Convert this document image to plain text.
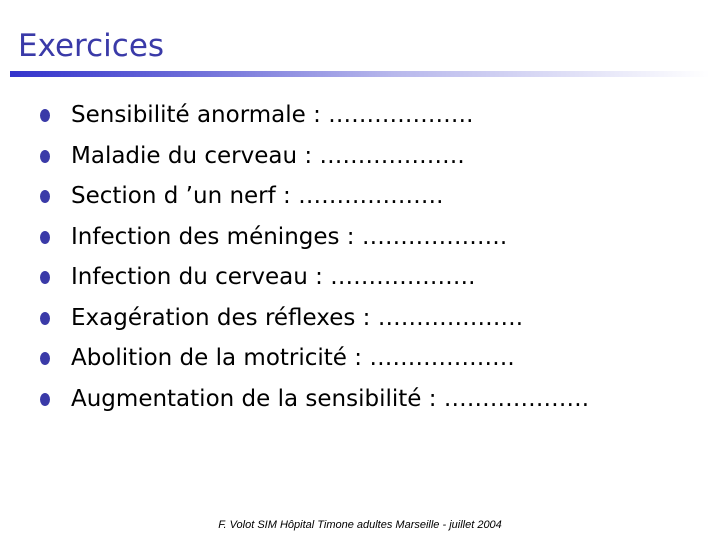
Exercices
Sensibilité anormale : ……………….
Maladie du cerveau : ……………….
Section d ’un nerf : ……………….
Infection des méninges : ……………….
Infection du cerveau : ……………….
Exagération des réflexes : ……………….
Abolition de la motricité : ……………….
Augmentation de la sensibilité : ……………….
F. Volot SIM Hôpital Timone adultes Marseille - juillet 2004
